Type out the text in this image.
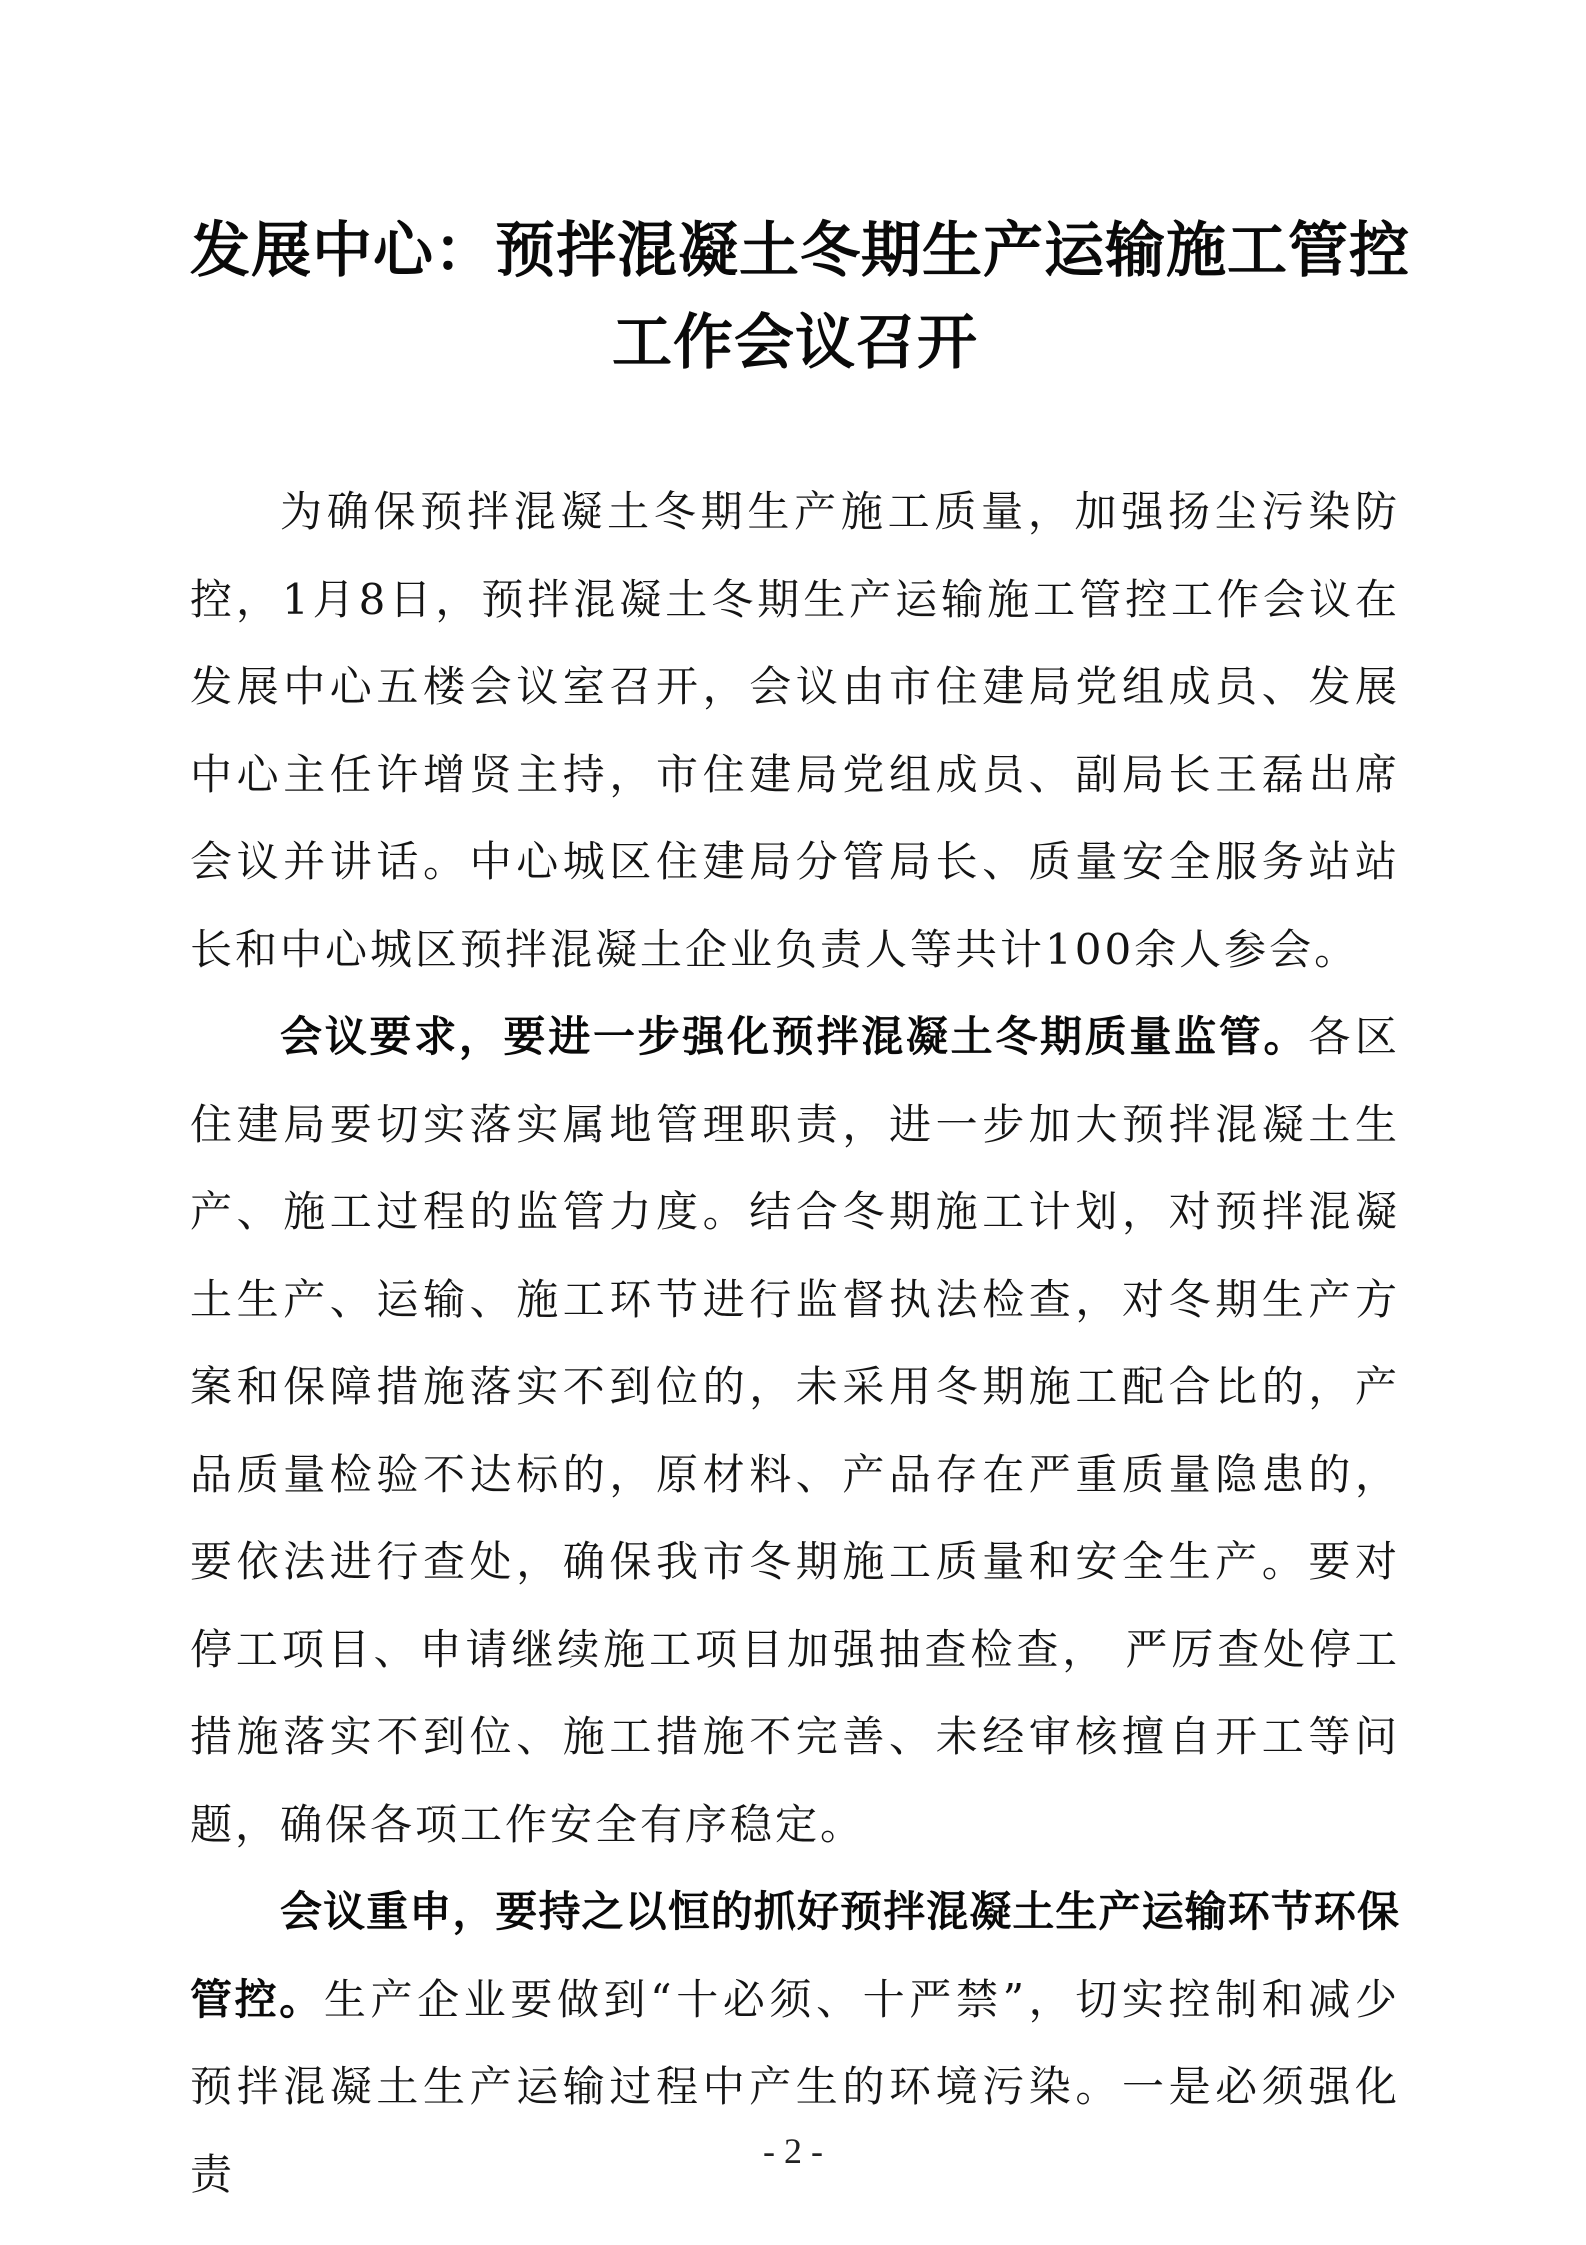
发展中心：预拌混凝土冬期生产运输施工管控
工作会议召开

为确保预拌混凝土冬期生产施工质量，加强扬尘污染防控，1月8日，预拌混凝土冬期生产运输施工管控工作会议在发展中心五楼会议室召开，会议由市住建局党组成员、发展中心主任许增贤主持，市住建局党组成员、副局长王磊出席会议并讲话。中心城区住建局分管局长、质量安全服务站站长和中心城区预拌混凝土企业负责人等共计100余人参会。

会议要求，要进一步强化预拌混凝土冬期质量监管。各区住建局要切实落实属地管理职责，进一步加大预拌混凝土生产、施工过程的监管力度。结合冬期施工计划，对预拌混凝土生产、运输、施工环节进行监督执法检查，对冬期生产方案和保障措施落实不到位的，未采用冬期施工配合比的，产品质量检验不达标的，原材料、产品存在严重质量隐患的，要依法进行查处，确保我市冬期施工质量和安全生产。要对停工项目、申请继续施工项目加强抽查检查， 严厉查处停工措施落实不到位、施工措施不完善、未经审核擅自开工等问题，确保各项工作安全有序稳定。

会议重申，要持之以恒的抓好预拌混凝土生产运输环节环保管控。生产企业要做到“十必须、十严禁”，切实控制和减少预拌混凝土生产运输过程中产生的环境污染。一是必须强化责	- 2 -
